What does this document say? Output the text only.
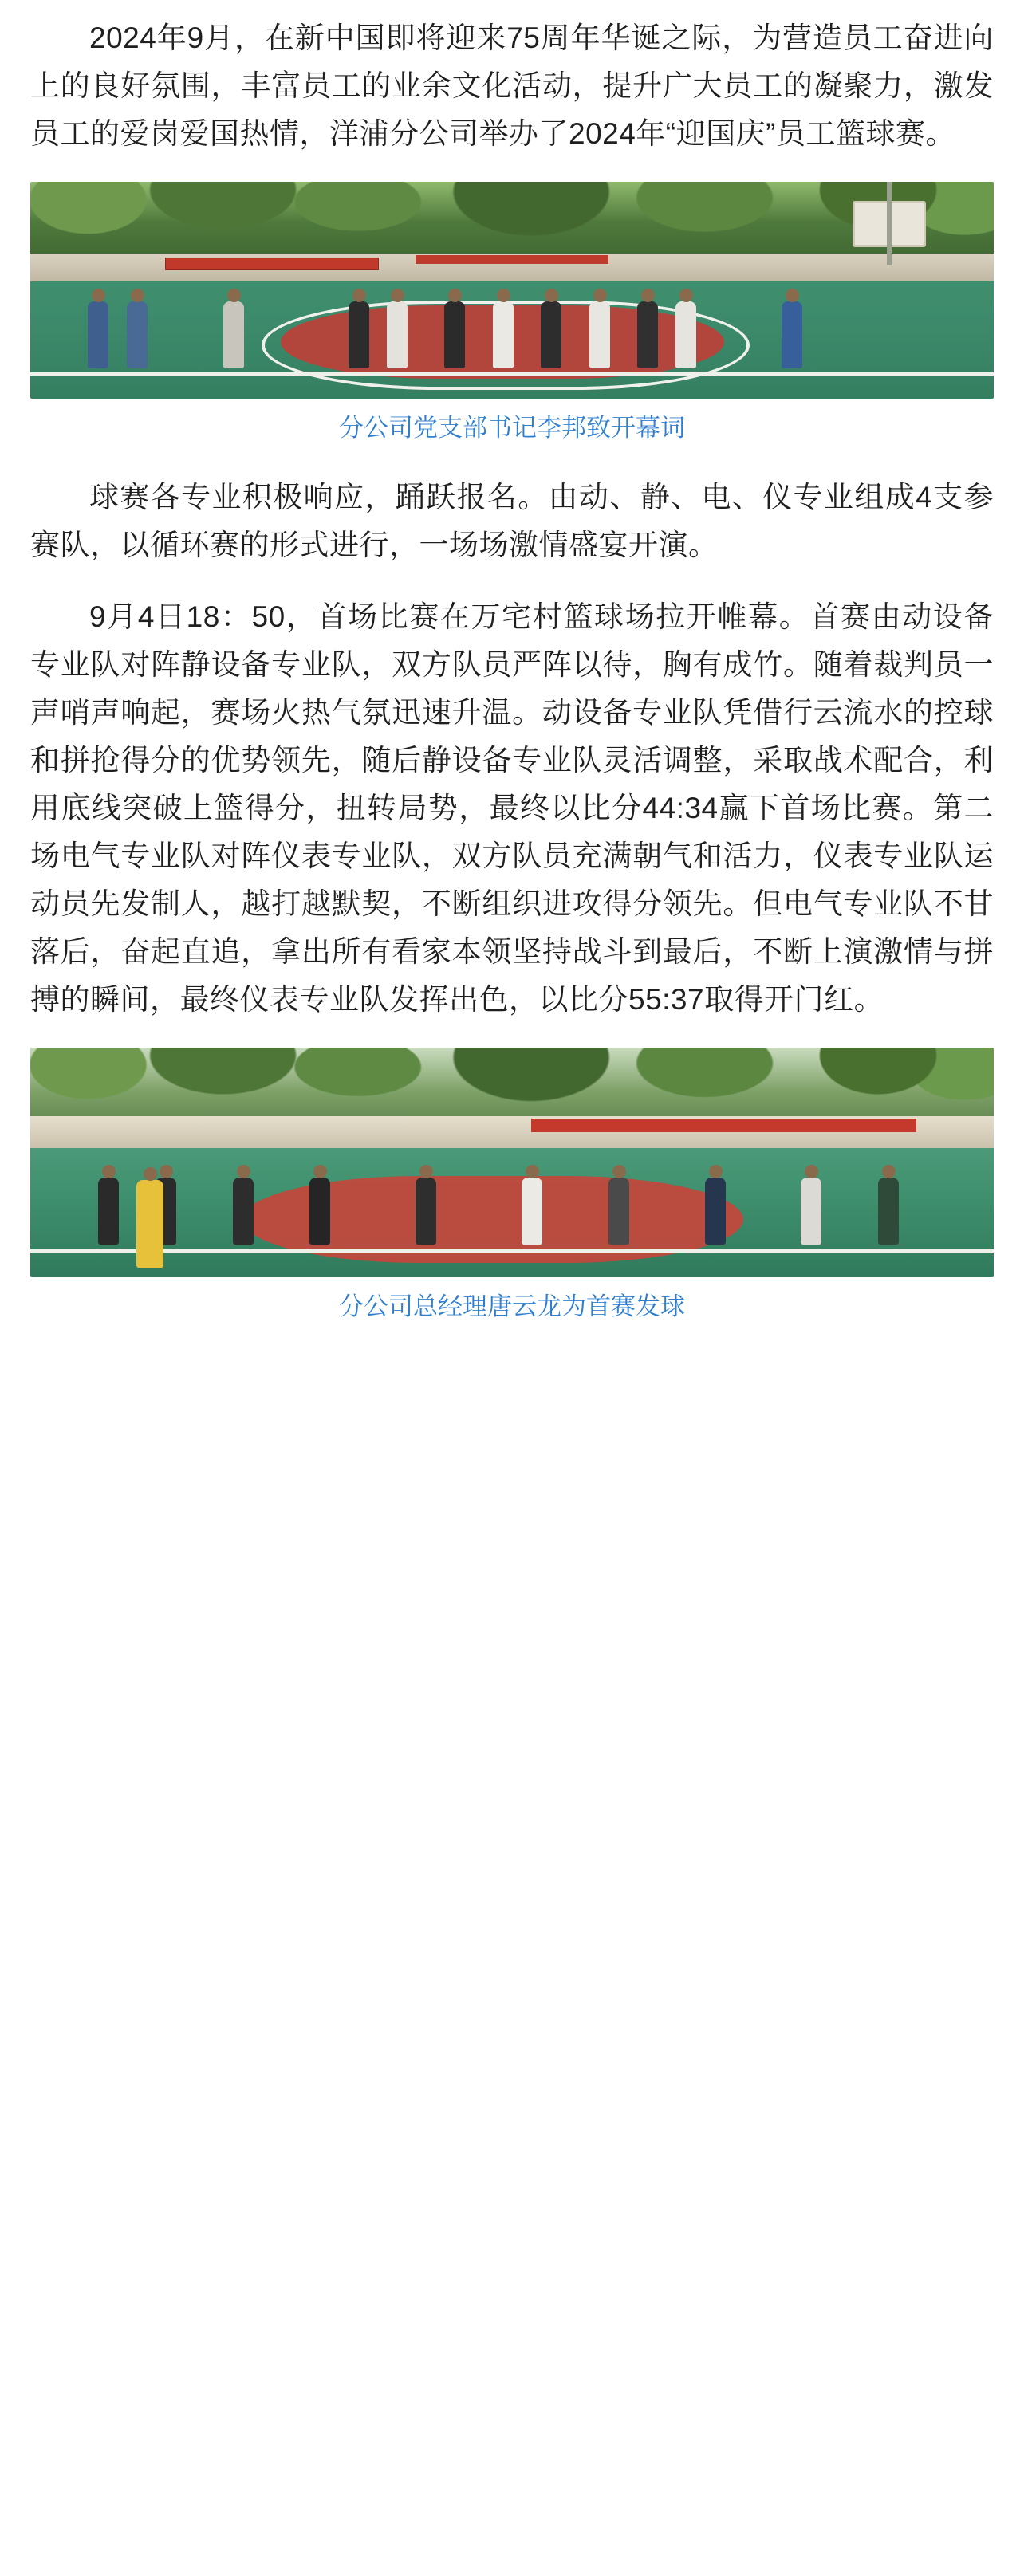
2024年9月，在新中国即将迎来75周年华诞之际，为营造员工奋进向上的良好氛围，丰富员工的业余文化活动，提升广大员工的凝聚力，激发员工的爱岗爱国热情，洋浦分公司举办了2024年“迎国庆”员工篮球赛。

分公司党支部书记李邦致开幕词

球赛各专业积极响应，踊跃报名。由动、静、电、仪专业组成4支参赛队，以循环赛的形式进行，一场场激情盛宴开演。

9月4日18：50，首场比赛在万宅村篮球场拉开帷幕。首赛由动设备专业队对阵静设备专业队，双方队员严阵以待，胸有成竹。随着裁判员一声哨声响起，赛场火热气氛迅速升温。动设备专业队凭借行云流水的控球和拼抢得分的优势领先，随后静设备专业队灵活调整，采取战术配合，利用底线突破上篮得分，扭转局势，最终以比分44:34赢下首场比赛。第二场电气专业队对阵仪表专业队，双方队员充满朝气和活力，仪表专业队运动员先发制人，越打越默契，不断组织进攻得分领先。但电气专业队不甘落后，奋起直追，拿出所有看家本领坚持战斗到最后，不断上演激情与拼搏的瞬间，最终仪表专业队发挥出色，以比分55:37取得开门红。

分公司总经理唐云龙为首赛发球
